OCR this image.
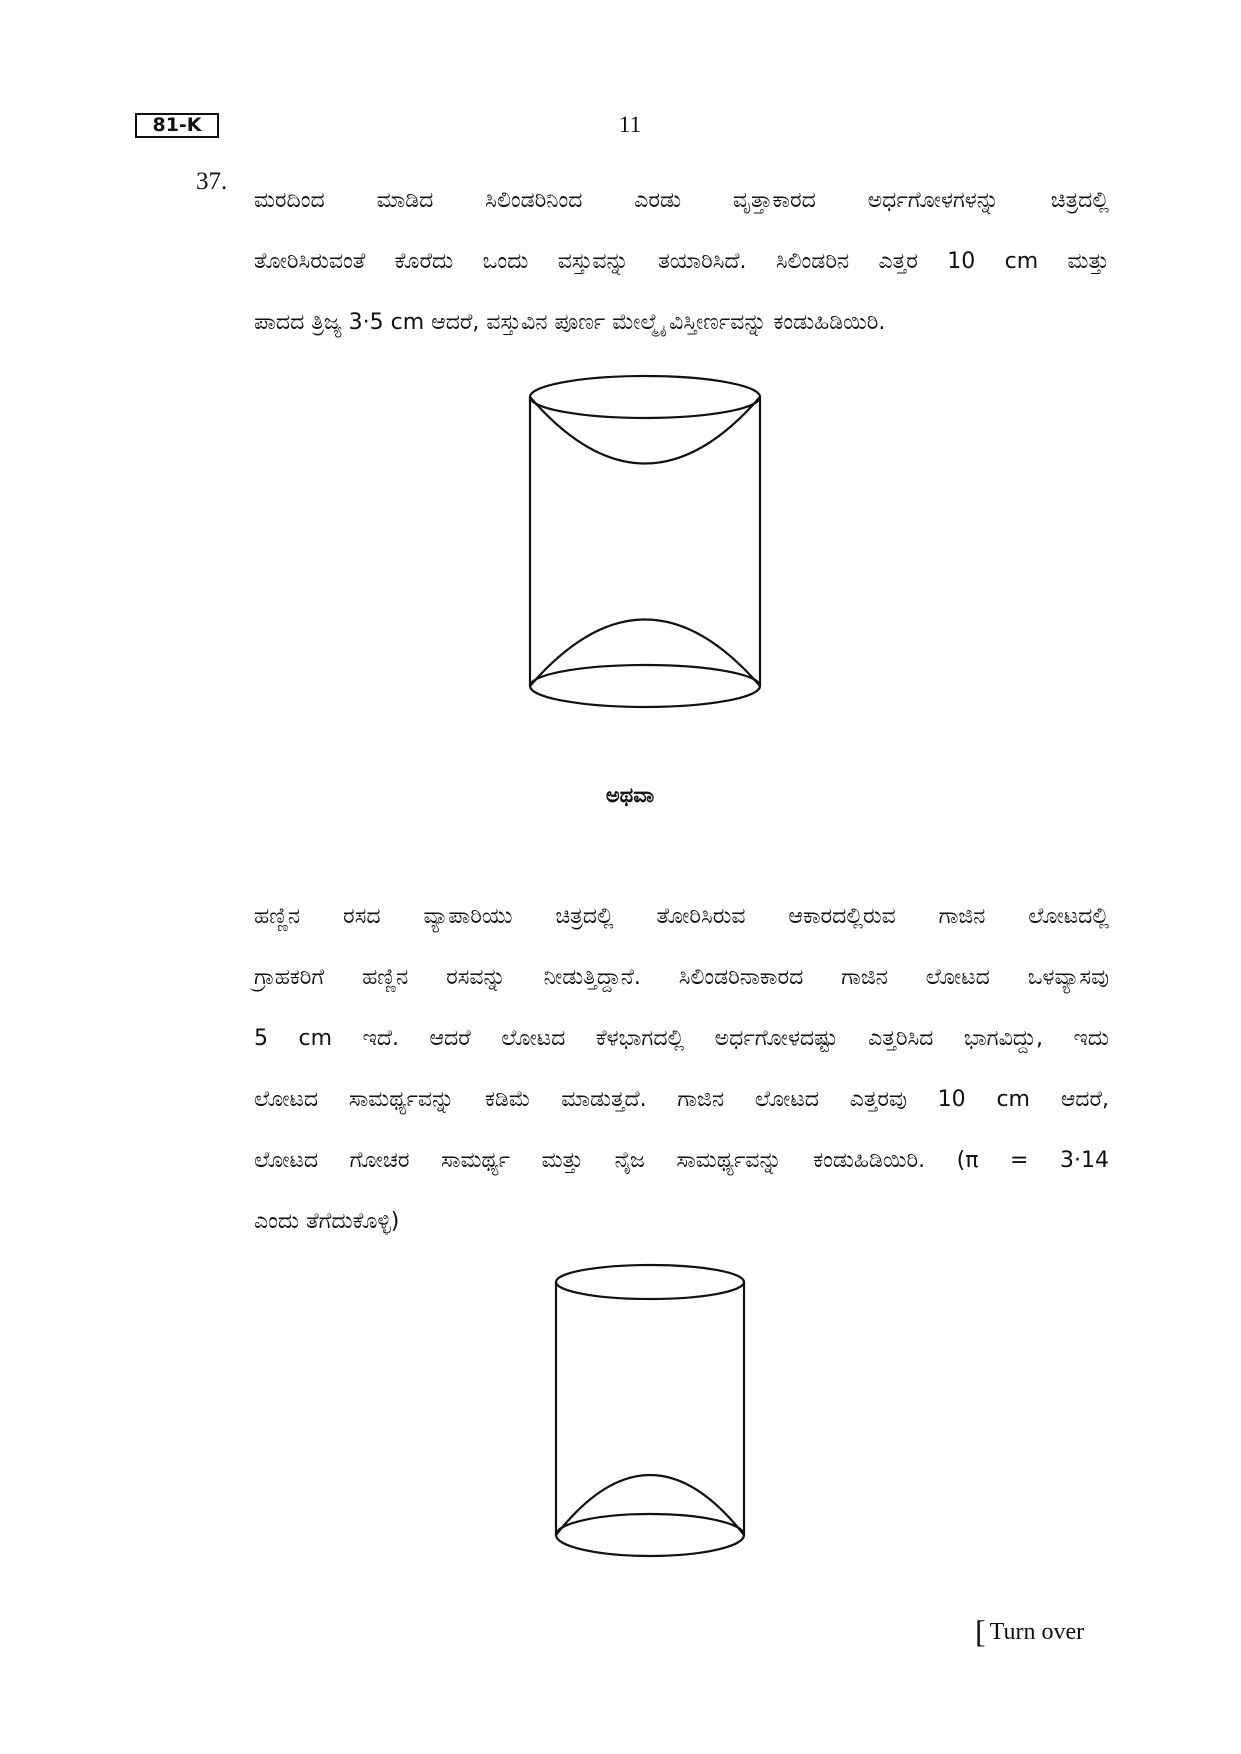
81-K	11
37.
ಮರದಿಂದ ಮಾಡಿದ ಸಿಲಿಂಡರಿನಿಂದ ಎರಡು ವೃತ್ತಾಕಾರದ ಅರ್ಧಗೋಳಗಳನ್ನು ಚಿತ್ರದಲ್ಲಿ
ತೋರಿಸಿರುವಂತೆ ಕೊರೆದು ಒಂದು ವಸ್ತುವನ್ನು ತಯಾರಿಸಿದೆ. ಸಿಲಿಂಡರಿನ ಎತ್ತರ 10 cm ಮತ್ತು
ಪಾದದ ತ್ರಿಜ್ಯ 3·5 cm ಆದರೆ, ವಸ್ತುವಿನ ಪೂರ್ಣ ಮೇಲ್ಮೈ ವಿಸ್ತೀರ್ಣವನ್ನು ಕಂಡುಹಿಡಿಯಿರಿ.
ಅಥವಾ
ಹಣ್ಣಿನ ರಸದ ವ್ಯಾಪಾರಿಯು ಚಿತ್ರದಲ್ಲಿ ತೋರಿಸಿರುವ ಆಕಾರದಲ್ಲಿರುವ ಗಾಜಿನ ಲೋಟದಲ್ಲಿ
ಗ್ರಾಹಕರಿಗೆ ಹಣ್ಣಿನ ರಸವನ್ನು ನೀಡುತ್ತಿದ್ದಾನೆ. ಸಿಲಿಂಡರಿನಾಕಾರದ ಗಾಜಿನ ಲೋಟದ ಒಳವ್ಯಾಸವು
5 cm ಇದೆ. ಆದರೆ ಲೋಟದ ಕೆಳಭಾಗದಲ್ಲಿ ಅರ್ಧಗೋಳದಷ್ಟು ಎತ್ತರಿಸಿದ ಭಾಗವಿದ್ದು, ಇದು
ಲೋಟದ ಸಾಮರ್ಥ್ಯವನ್ನು ಕಡಿಮೆ ಮಾಡುತ್ತದೆ. ಗಾಜಿನ ಲೋಟದ ಎತ್ತರವು 10 cm ಆದರೆ,
ಲೋಟದ ಗೋಚರ ಸಾಮರ್ಥ್ಯ ಮತ್ತು ನೈಜ ಸಾಮರ್ಥ್ಯವನ್ನು ಕಂಡುಹಿಡಿಯಿರಿ. (π = 3·14
ಎಂದು ತೆಗೆದುಕೊಳ್ಳಿ)
[ Turn over
